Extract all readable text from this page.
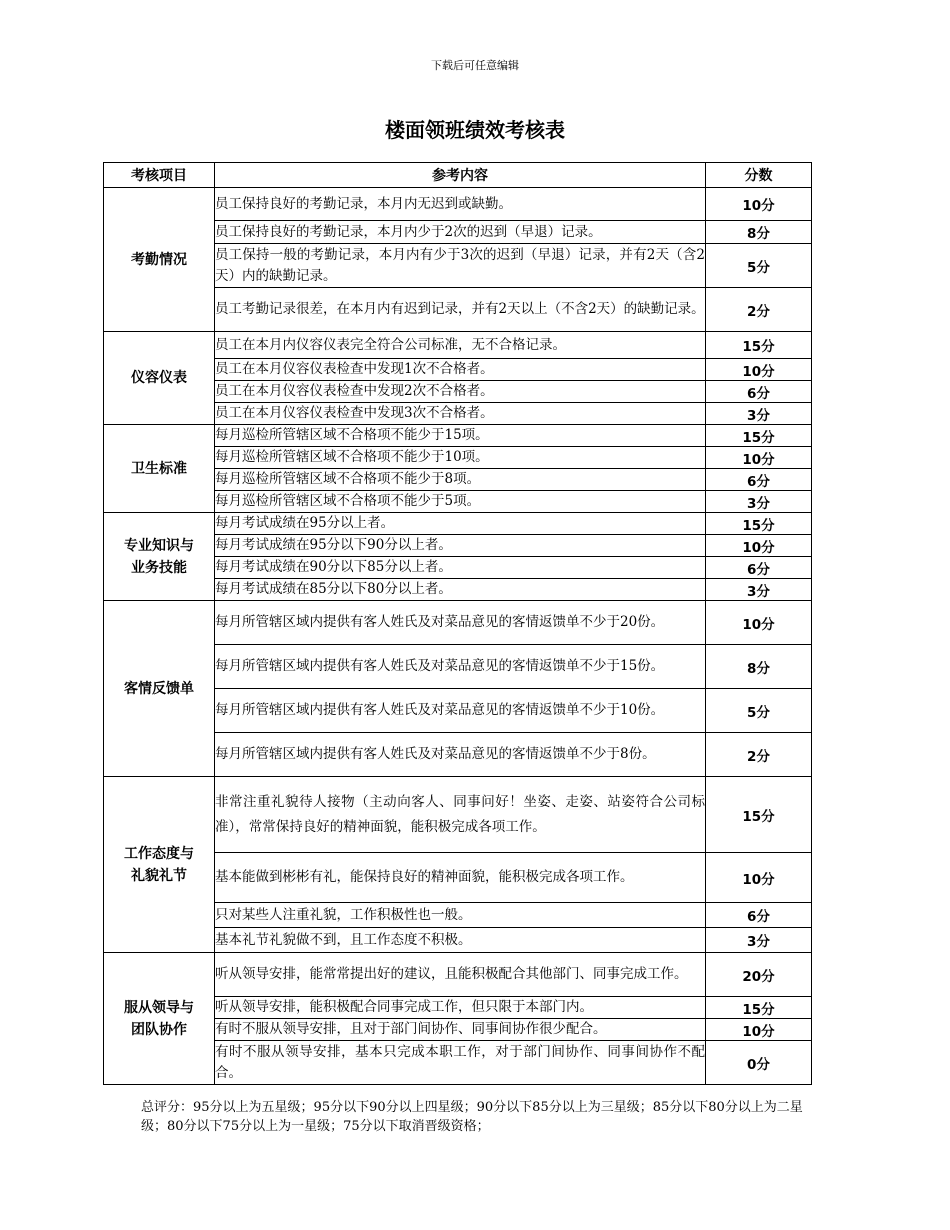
下载后可任意编辑
楼面领班绩效考核表
考核项目	参考内容	分数
考勤情况	员工保持良好的考勤记录，本月内无迟到或缺勤。	10分
	员工保持良好的考勤记录，本月内少于2次的迟到（早退）记录。	8分
	员工保持一般的考勤记录，本月内有少于3次的迟到（早退）记录，并有2天（含2天）内的缺勤记录。	5分
	员工考勤记录很差，在本月内有迟到记录，并有2天以上（不含2天）的缺勤记录。	2分
仪容仪表	员工在本月内仪容仪表完全符合公司标准，无不合格记录。	15分
	员工在本月仪容仪表检查中发现1次不合格者。	10分
	员工在本月仪容仪表检查中发现2次不合格者。	6分
	员工在本月仪容仪表检查中发现3次不合格者。	3分
卫生标准	每月巡检所管辖区域不合格项不能少于15项。	15分
	每月巡检所管辖区域不合格项不能少于10项。	10分
	每月巡检所管辖区域不合格项不能少于8项。	6分
	每月巡检所管辖区域不合格项不能少于5项。	3分
专业知识与
业务技能	每月考试成绩在95分以上者。	15分
	每月考试成绩在95分以下90分以上者。	10分
	每月考试成绩在90分以下85分以上者。	6分
	每月考试成绩在85分以下80分以上者。	3分
客情反馈单	每月所管辖区域内提供有客人姓氏及对菜品意见的客情返馈单不少于20份。	10分
	每月所管辖区域内提供有客人姓氏及对菜品意见的客情返馈单不少于15份。	8分
	每月所管辖区域内提供有客人姓氏及对菜品意见的客情返馈单不少于10份。	5分
	每月所管辖区域内提供有客人姓氏及对菜品意见的客情返馈单不少于8份。	2分
工作态度与
礼貌礼节	非常注重礼貌待人接物（主动向客人、同事问好！坐姿、走姿、站姿符合公司标准），常常保持良好的精神面貌，能积极完成各项工作。	15分
	基本能做到彬彬有礼，能保持良好的精神面貌，能积极完成各项工作。	10分
	只对某些人注重礼貌，工作积极性也一般。	6分
	基本礼节礼貌做不到，且工作态度不积极。	3分
服从领导与
团队协作	听从领导安排，能常常提出好的建议，且能积极配合其他部门、同事完成工作。	20分
	听从领导安排，能积极配合同事完成工作，但只限于本部门内。	15分
	有时不服从领导安排，且对于部门间协作、同事间协作很少配合。	10分
	有时不服从领导安排，基本只完成本职工作，对于部门间协作、同事间协作不配合。	0分
总评分：95分以上为五星级；95分以下90分以上四星级；90分以下85分以上为三星级；85分以下80分以上为二星级；80分以下75分以上为一星级；75分以下取消晋级资格；
